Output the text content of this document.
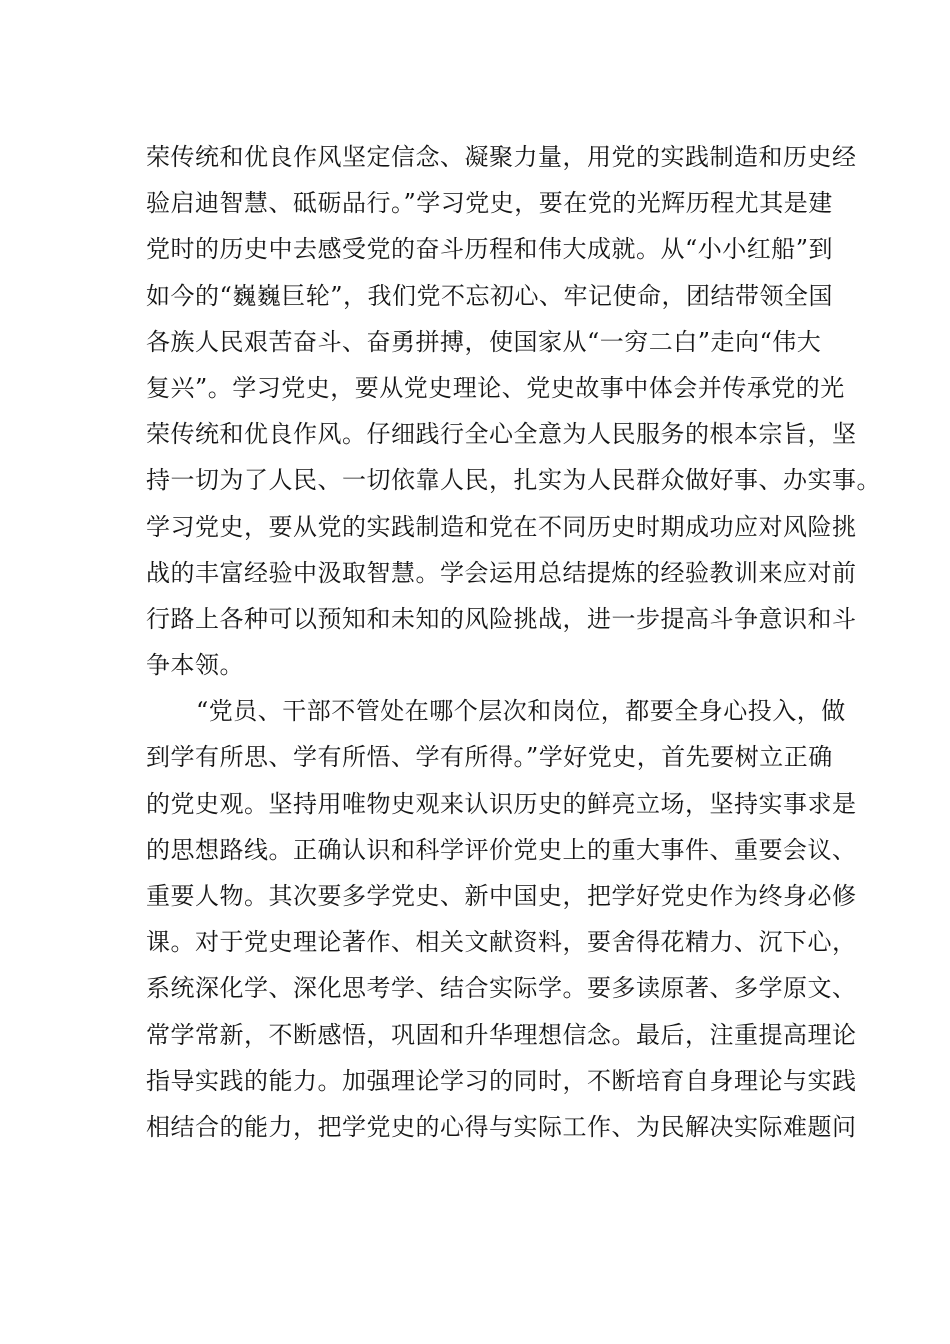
荣传统和优良作风坚定信念、凝聚力量，用党的实践制造和历史经
验启迪智慧、砥砺品行。”学习党史，要在党的光辉历程尤其是建
党时的历史中去感受党的奋斗历程和伟大成就。从“小小红船”到
如今的“巍巍巨轮”，我们党不忘初心、牢记使命，团结带领全国
各族人民艰苦奋斗、奋勇拼搏，使国家从“一穷二白”走向“伟大
复兴”。学习党史，要从党史理论、党史故事中体会并传承党的光
荣传统和优良作风。仔细践行全心全意为人民服务的根本宗旨，坚
持一切为了人民、一切依靠人民，扎实为人民群众做好事、办实事。
学习党史，要从党的实践制造和党在不同历史时期成功应对风险挑
战的丰富经验中汲取智慧。学会运用总结提炼的经验教训来应对前
行路上各种可以预知和未知的风险挑战，进一步提高斗争意识和斗
争本领。
“党员、干部不管处在哪个层次和岗位，都要全身心投入，做
到学有所思、学有所悟、学有所得。”学好党史，首先要树立正确
的党史观。坚持用唯物史观来认识历史的鲜亮立场，坚持实事求是
的思想路线。正确认识和科学评价党史上的重大事件、重要会议、
重要人物。其次要多学党史、新中国史，把学好党史作为终身必修
课。对于党史理论著作、相关文献资料，要舍得花精力、沉下心，
系统深化学、深化思考学、结合实际学。要多读原著、多学原文、
常学常新，不断感悟，巩固和升华理想信念。最后，注重提高理论
指导实践的能力。加强理论学习的同时，不断培育自身理论与实践
相结合的能力，把学党史的心得与实际工作、为民解决实际难题问
